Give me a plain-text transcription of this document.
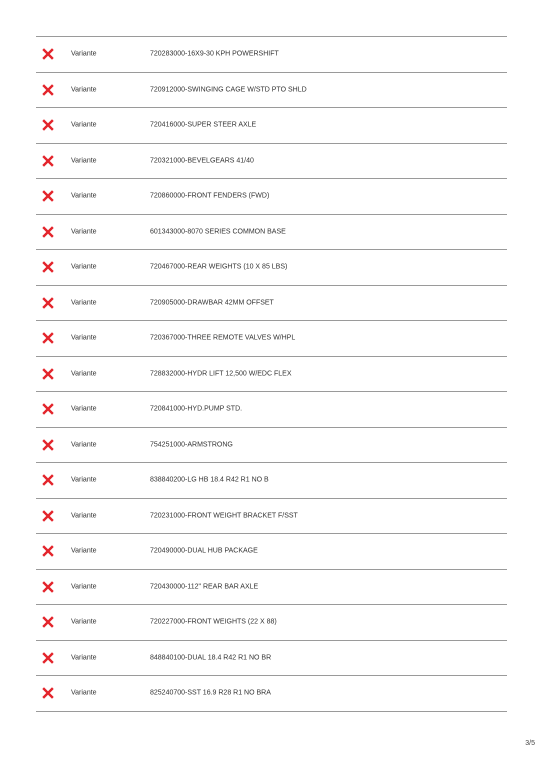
Variante	720283000-16X9-30 KPH POWERSHIFT
Variante	720912000-SWINGING CAGE W/STD PTO SHLD
Variante	720416000-SUPER STEER AXLE
Variante	720321000-BEVELGEARS 41/40
Variante	720860000-FRONT FENDERS (FWD)
Variante	601343000-8070 SERIES COMMON BASE
Variante	720467000-REAR WEIGHTS (10 X 85 LBS)
Variante	720905000-DRAWBAR 42MM OFFSET
Variante	720367000-THREE REMOTE VALVES W/HPL
Variante	728832000-HYDR LIFT 12,500 W/EDC FLEX
Variante	720841000-HYD.PUMP STD.
Variante	754251000-ARMSTRONG
Variante	838840200-LG HB 18.4 R42 R1 NO B
Variante	720231000-FRONT WEIGHT BRACKET F/SST
Variante	720490000-DUAL HUB PACKAGE
Variante	720430000-112" REAR BAR AXLE
Variante	720227000-FRONT WEIGHTS (22 X 88)
Variante	848840100-DUAL 18.4 R42 R1 NO BR
Variante	825240700-SST 16.9 R28 R1 NO BRA
3/5
